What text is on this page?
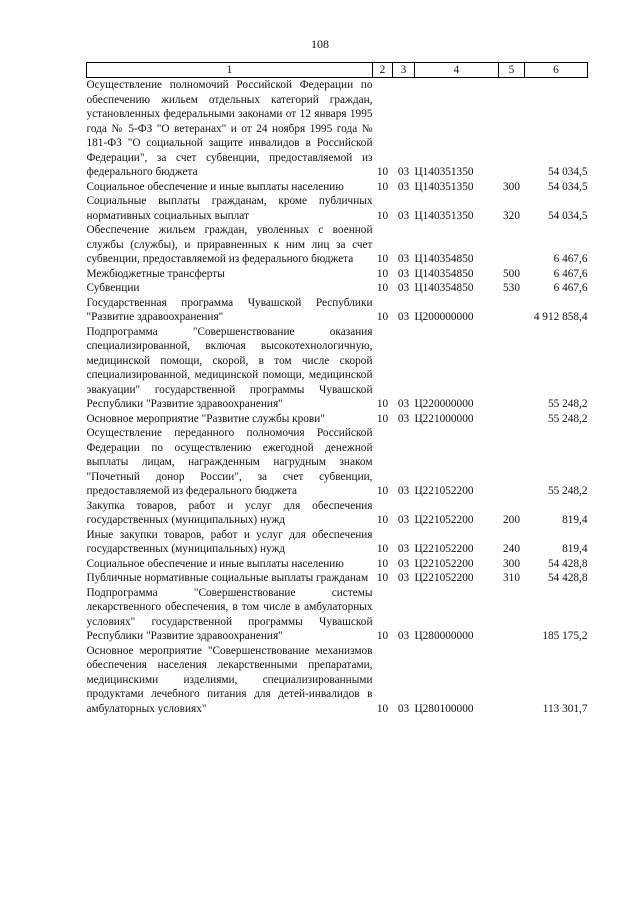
108
1	2	3	4	5	6
Осуществление полномочий Российской Федерации по обеспечению жильем отдельных категорий граждан, установленных федеральными законами от 12 января 1995 года № 5-ФЗ "О ветеранах" и от 24 ноября 1995 года № 181-ФЗ "О социальной защите инвалидов в Российской Федерации", за счет субвенции, предоставляемой из федерального бюджета	10	03	Ц140351350		54 034,5
Социальное обеспечение и иные выплаты населению	10	03	Ц140351350	300	54 034,5
Социальные выплаты гражданам, кроме публичных нормативных социальных выплат	10	03	Ц140351350	320	54 034,5
Обеспечение жильем граждан, уволенных с военной службы (службы), и приравненных к ним лиц за счет субвенции, предоставляемой из федерального бюджета	10	03	Ц140354850		6 467,6
Межбюджетные трансферты	10	03	Ц140354850	500	6 467,6
Субвенции	10	03	Ц140354850	530	6 467,6
Государственная программа Чувашской Республики "Развитие здравоохранения"	10	03	Ц200000000		4 912 858,4
Подпрограмма "Совершенствование оказания специализированной, включая высокотехнологичную, медицинской помощи, скорой, в том числе скорой специализированной, медицинской помощи, медицинской эвакуации" государственной программы Чувашской Республики "Развитие здравоохранения"	10	03	Ц220000000		55 248,2
Основное мероприятие "Развитие службы крови"	10	03	Ц221000000		55 248,2
Осуществление переданного полномочия Российской Федерации по осуществлению ежегодной денежной выплаты лицам, награжденным нагрудным знаком "Почетный донор России", за счет субвенции, предоставляемой из федерального бюджета	10	03	Ц221052200		55 248,2
Закупка товаров, работ и услуг для обеспечения государственных (муниципальных) нужд	10	03	Ц221052200	200	819,4
Иные закупки товаров, работ и услуг для обеспечения государственных (муниципальных) нужд	10	03	Ц221052200	240	819,4
Социальное обеспечение и иные выплаты населению	10	03	Ц221052200	300	54 428,8
Публичные нормативные социальные выплаты гражданам	10	03	Ц221052200	310	54 428,8
Подпрограмма "Совершенствование системы лекарственного обеспечения, в том числе в амбулаторных условиях" государственной программы Чувашской Республики "Развитие здравоохранения"	10	03	Ц280000000		185 175,2
Основное мероприятие "Совершенствование механизмов обеспечения населения лекарственными препаратами, медицинскими изделиями, специализированными продуктами лечебного питания для детей-инвалидов в амбулаторных условиях"	10	03	Ц280100000		113 301,7
